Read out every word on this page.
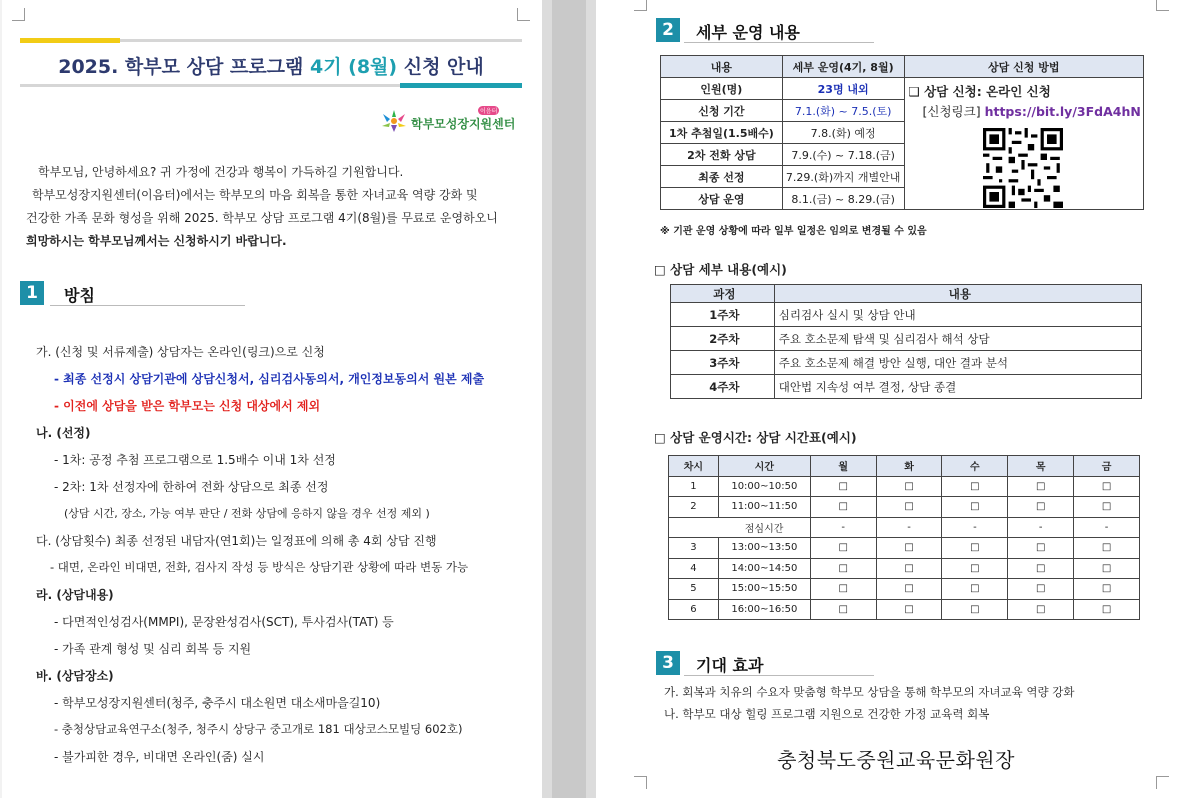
2025. 학부모 상담 프로그램 4기 (8월) 신청 안내
학부모성장지원센터
이음터
학부모님, 안녕하세요? 귀 가정에 건강과 행복이 가득하길 기원합니다.
학부모성장지원센터(이음터)에서는 학부모의 마음 회복을 통한 자녀교육 역량 강화 및
건강한 가족 문화 형성을 위해 2025. 학부모 상담 프로그램 4기(8월)를 무료로 운영하오니
희망하시는 학부모님께서는 신청하시기 바랍니다.
1	방침
가. (신청 및 서류제출) 상담자는 온라인(링크)으로 신청
- 최종 선정시 상담기관에 상담신청서, 심리검사동의서, 개인정보동의서 원본 제출
- 이전에 상담을 받은 학부모는 신청 대상에서 제외
나. (선정)
- 1차: 공정 추첨 프로그램으로 1.5배수 이내 1차 선정
- 2차: 1차 선정자에 한하여 전화 상담으로 최종 선정
(상담 시간, 장소, 가능 여부 판단 / 전화 상담에 응하지 않을 경우 선정 제외 )
다. (상담횟수) 최종 선정된 내담자(연1회)는 일정표에 의해 총 4회 상담 진행
- 대면, 온라인 비대면, 전화, 검사지 작성 등 방식은 상담기관 상황에 따라 변동 가능
라. (상담내용)
- 다면적인성검사(MMPI), 문장완성검사(SCT), 투사검사(TAT) 등
- 가족 관계 형성 및 심리 회복 등 지원
바. (상담장소)
- 학부모성장지원센터(청주, 충주시 대소원면 대소새마을길10)
- 충청상담교육연구소(청주, 청주시 상당구 중고개로 181 대상코스모빌딩 602호)
- 불가피한 경우, 비대면 온라인(줌) 실시
2	세부 운영 내용
내용	세부 운영(4기, 8월)	상담 신청 방법
인원(명)	23명 내외	❑ 상담 신청: 온라인 신청
[신청링크] https://bit.ly/3FdA4hN

신청 기간	7.1.(화) ~ 7.5.(토)	
1차 추첨일(1.5배수)	7.8.(화) 예정	
2차 전화 상담	7.9.(수) ~ 7.18.(금)	
최종 선정	7.29.(화)까지 개별안내	
상담 운영	8.1.(금) ~ 8.29.(금)	
※ 기관 운영 상황에 따라 일부 일정은 임의로 변경될 수 있음
□ 상담 세부 내용(예시)
과정	내용
1주차	심리검사 실시 및 상담 안내
2주차	주요 호소문제 탐색 및 심리검사 해석 상담
3주차	주요 호소문제 해결 방안 실행, 대안 결과 분석
4주차	대안법 지속성 여부 결정, 상담 종결
□ 상담 운영시간: 상담 시간표(예시)
차시	시간	월	화	수	목	금
1	10:00~10:50	□	□	□	□	□
2	11:00~11:50	□	□	□	□	□
	점심시간	-	-	-	-	-
3	13:00~13:50	□	□	□	□	□
4	14:00~14:50	□	□	□	□	□
5	15:00~15:50	□	□	□	□	□
6	16:00~16:50	□	□	□	□	□
3	기대 효과
가. 회복과 치유의 수요자 맞춤형 학부모 상담을 통해 학부모의 자녀교육 역량 강화
나. 학부모 대상 힐링 프로그램 지원으로 건강한 가정 교육력 회복
충청북도중원교육문화원장
